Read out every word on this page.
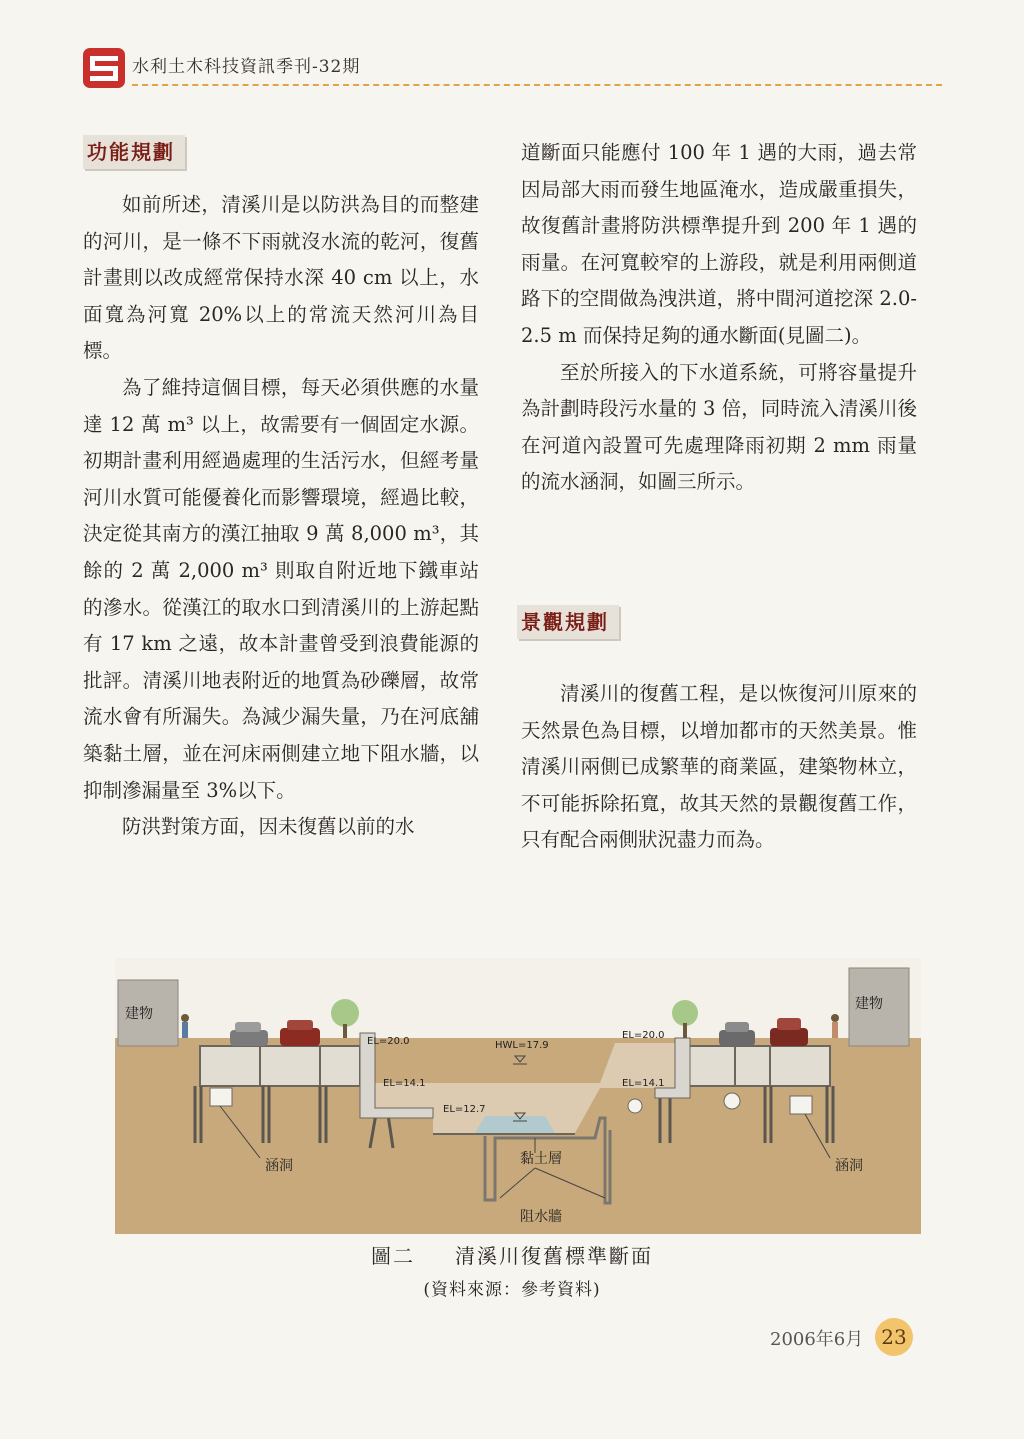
水利土木科技資訊季刊-32期
功能規劃

如前所述，清溪川是以防洪為目的而整建的河川，是一條不下雨就沒水流的乾河，復舊計畫則以改成經常保持水深 40 cm 以上，水面寬為河寬 20%以上的常流天然河川為目標。

為了維持這個目標，每天必須供應的水量達 12 萬 m³ 以上，故需要有一個固定水源。初期計畫利用經過處理的生活污水，但經考量河川水質可能優養化而影響環境，經過比較，決定從其南方的漢江抽取 9 萬 8,000 m³，其餘的 2 萬 2,000 m³ 則取自附近地下鐵車站的滲水。從漢江的取水口到清溪川的上游起點有 17 km 之遠，故本計畫曾受到浪費能源的批評。清溪川地表附近的地質為砂礫層，故常流水會有所漏失。為減少漏失量，乃在河底舖築黏土層，並在河床兩側建立地下阻水牆，以抑制滲漏量至 3%以下。

防洪對策方面，因未復舊以前的水

道斷面只能應付 100 年 1 遇的大雨，過去常因局部大雨而發生地區淹水，造成嚴重損失，故復舊計畫將防洪標準提升到 200 年 1 遇的雨量。在河寬較窄的上游段，就是利用兩側道路下的空間做為洩洪道，將中間河道挖深 2.0-2.5 m 而保持足夠的通水斷面(見圖二)。

至於所接入的下水道系統，可將容量提升為計劃時段污水量的 3 倍，同時流入清溪川後在河道內設置可先處理降雨初期 2 mm 雨量的流水涵洞，如圖三所示。

景觀規劃

清溪川的復舊工程，是以恢復河川原來的天然景色為目標，以增加都市的天然美景。惟清溪川兩側已成繁華的商業區，建築物林立，不可能拆除拓寬，故其天然的景觀復舊工作，只有配合兩側狀況盡力而為。

建物
建物
EL=20.0
EL=20.0
EL=14.1	EL=14.1
EL=12.7
HWL=17.9
涵洞	涵洞
黏土層
阻水牆
圖二 清溪川復舊標準斷面
(資料來源：參考資料)
2006年6月 23
